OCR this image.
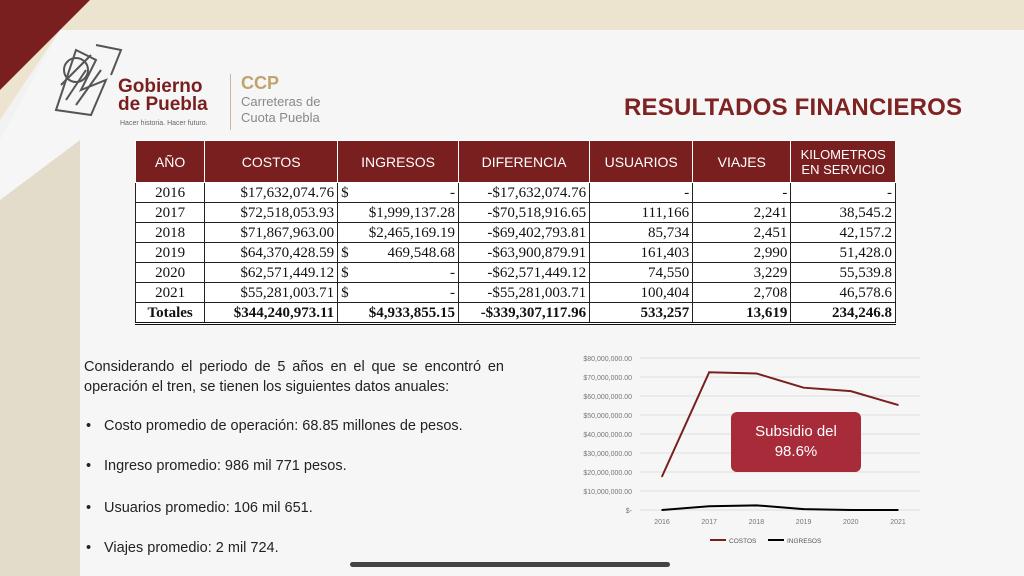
Gobierno
de Puebla
Hacer historia. Hacer futuro.
CCP
Carreteras de
Cuota Puebla	RESULTADOS FINANCIEROS
AÑO	COSTOS	INGRESOS	DIFERENCIA	USUARIOS	VIAJES	KILOMETROS EN SERVICIO
2016	$17,632,074.76	$ -	-$17,632,074.76	-	-	-
2017	$72,518,053.93	$1,999,137.28	-$70,518,916.65	111,166	2,241	38,545.2
2018	$71,867,963.00	$2,465,169.19	-$69,402,793.81	85,734	2,451	42,157.2
2019	$64,370,428.59	$ 469,548.68	-$63,900,879.91	161,403	2,990	51,428.0
2020	$62,571,449.12	$ -	-$62,571,449.12	74,550	3,229	55,539.8
2021	$55,281,003.71	$ -	-$55,281,003.71	100,404	2,708	46,578.6
Totales	$344,240,973.11	$4,933,855.15	-$339,307,117.96	533,257	13,619	234,246.8
Considerando el periodo de 5 años en el que se encontró en operación el tren, se tienen los siguientes datos anuales:
• Costo promedio de operación: 68.85 millones de pesos.
• Ingreso promedio: 986 mil 771 pesos.
• Usuarios promedio: 106 mil 651.
• Viajes promedio: 2 mil 724.
$-
$10,000,000.00
$20,000,000.00
$30,000,000.00
$40,000,000.00
$50,000,000.00
$60,000,000.00
$70,000,000.00
$80,000,000.00
2016	2017	2018	2019	2020	2021
COSTOS	INGRESOS
Subsidio del
98.6%
